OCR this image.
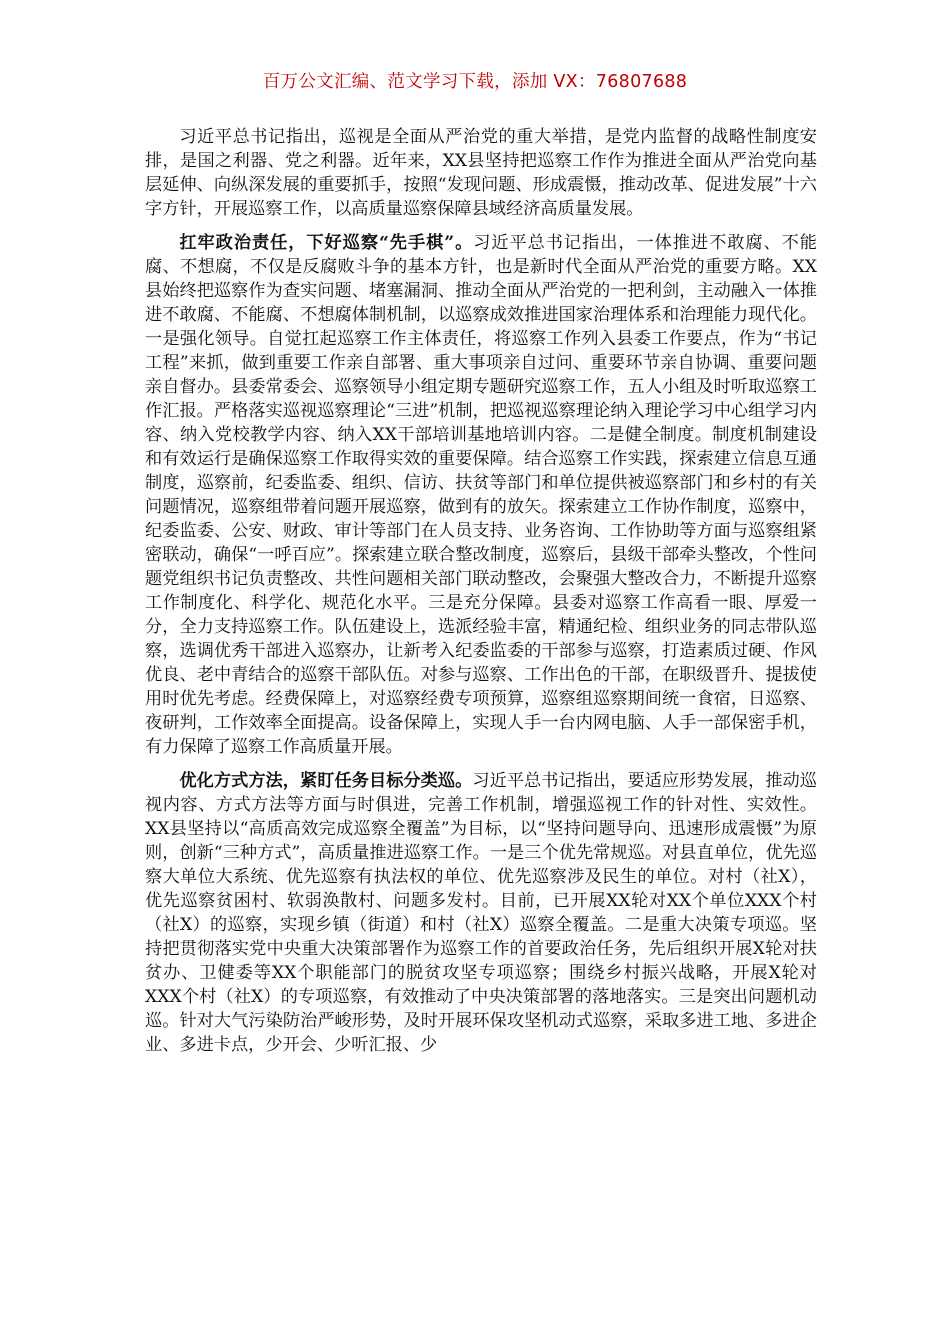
百万公文汇编、范文学习下载，添加 VX：76807688

习近平总书记指出，巡视是全面从严治党的重大举措，是党内监督的战略性制度安排，是国之利器、党之利器。近年来，XX县坚持把巡察工作作为推进全面从严治党向基层延伸、向纵深发展的重要抓手，按照“发现问题、形成震慑，推动改革、促进发展”十六字方针，开展巡察工作，以高质量巡察保障县域经济高质量发展。

扛牢政治责任，下好巡察“先手棋”。习近平总书记指出，一体推进不敢腐、不能腐、不想腐，不仅是反腐败斗争的基本方针，也是新时代全面从严治党的重要方略。XX县始终把巡察作为查实问题、堵塞漏洞、推动全面从严治党的一把利剑，主动融入一体推进不敢腐、不能腐、不想腐体制机制，以巡察成效推进国家治理体系和治理能力现代化。一是强化领导。自觉扛起巡察工作主体责任，将巡察工作列入县委工作要点，作为“书记工程”来抓，做到重要工作亲自部署、重大事项亲自过问、重要环节亲自协调、重要问题亲自督办。县委常委会、巡察领导小组定期专题研究巡察工作，五人小组及时听取巡察工作汇报。严格落实巡视巡察理论“三进”机制，把巡视巡察理论纳入理论学习中心组学习内容、纳入党校教学内容、纳入XX干部培训基地培训内容。二是健全制度。制度机制建设和有效运行是确保巡察工作取得实效的重要保障。结合巡察工作实践，探索建立信息互通制度，巡察前，纪委监委、组织、信访、扶贫等部门和单位提供被巡察部门和乡村的有关问题情况，巡察组带着问题开展巡察，做到有的放矢。探索建立工作协作制度，巡察中，纪委监委、公安、财政、审计等部门在人员支持、业务咨询、工作协助等方面与巡察组紧密联动，确保“一呼百应”。探索建立联合整改制度，巡察后，县级干部牵头整改，个性问题党组织书记负责整改、共性问题相关部门联动整改，会聚强大整改合力，不断提升巡察工作制度化、科学化、规范化水平。三是充分保障。县委对巡察工作高看一眼、厚爱一分，全力支持巡察工作。队伍建设上，选派经验丰富，精通纪检、组织业务的同志带队巡察，选调优秀干部进入巡察办，让新考入纪委监委的干部参与巡察，打造素质过硬、作风优良、老中青结合的巡察干部队伍。对参与巡察、工作出色的干部，在职级晋升、提拔使用时优先考虑。经费保障上，对巡察经费专项预算，巡察组巡察期间统一食宿，日巡察、夜研判，工作效率全面提高。设备保障上，实现人手一台内网电脑、人手一部保密手机，有力保障了巡察工作高质量开展。

优化方式方法，紧盯任务目标分类巡。习近平总书记指出，要适应形势发展，推动巡视内容、方式方法等方面与时俱进，完善工作机制，增强巡视工作的针对性、实效性。XX县坚持以“高质高效完成巡察全覆盖”为目标，以“坚持问题导向、迅速形成震慑”为原则，创新“三种方式”，高质量推进巡察工作。一是三个优先常规巡。对县直单位，优先巡察大单位大系统、优先巡察有执法权的单位、优先巡察涉及民生的单位。对村（社X），优先巡察贫困村、软弱涣散村、问题多发村。目前，已开展XX轮对XX个单位XXX个村（社X）的巡察，实现乡镇（街道）和村（社X）巡察全覆盖。二是重大决策专项巡。坚持把贯彻落实党中央重大决策部署作为巡察工作的首要政治任务，先后组织开展X轮对扶贫办、卫健委等XX个职能部门的脱贫攻坚专项巡察；围绕乡村振兴战略，开展X轮对XXX个村（社X）的专项巡察，有效推动了中央决策部署的落地落实。三是突出问题机动巡。针对大气污染防治严峻形势，及时开展环保攻坚机动式巡察，采取多进工地、多进企业、多进卡点，少开会、少听汇报、少
